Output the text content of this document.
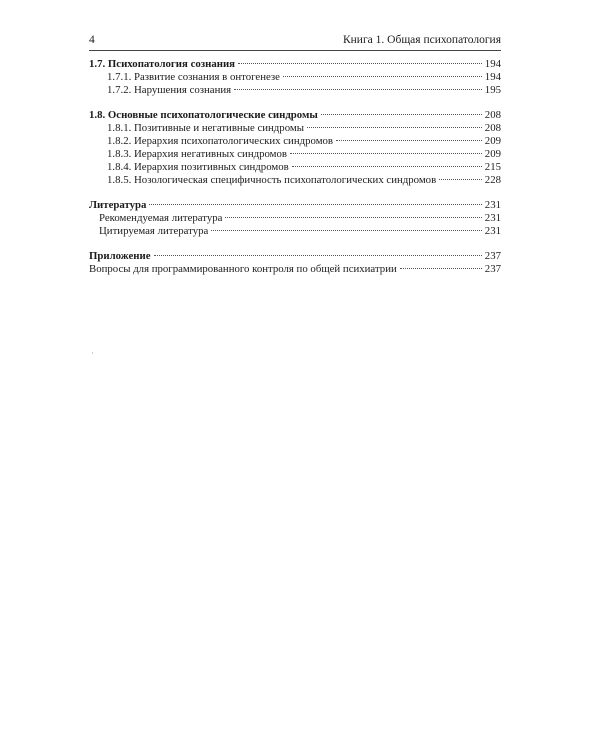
4	Книга 1. Общая психопатология
1.7. Психопатология сознания	194
1.7.1. Развитие сознания в онтогенезе	194
1.7.2. Нарушения сознания	195
1.8. Основные психопатологические синдромы	208
1.8.1. Позитивные и негативные синдромы	208
1.8.2. Иерархия психопатологических синдромов	209
1.8.3. Иерархия негативных синдромов	209
1.8.4. Иерархия позитивных синдромов	215
1.8.5. Нозологическая специфичность психопатологических синдромов	228
Литература	231
Рекомендуемая литература	231
Цитируемая литература	231
Приложение	237
Вопросы для программированного контроля по общей психиатрии	237
